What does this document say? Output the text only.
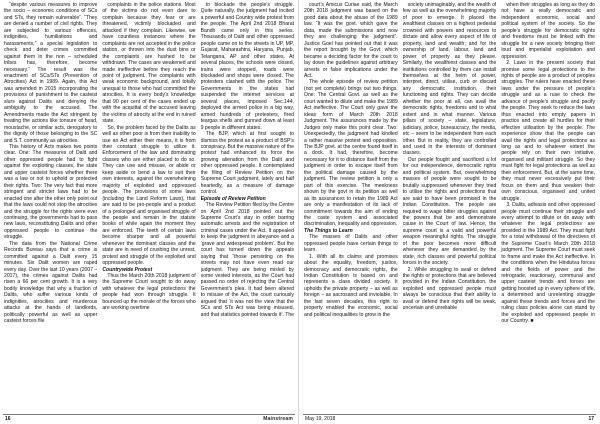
“despite various measures to improve the socio – economic conditions of SCs and STs, they remain vulnerable”. “They are denied a number of civil rights. They are subjected to various offences, indignities, humiliations and harassments,” a special legislation to check and deter crimes committed against them in the non – scheduled tribes has, therefore, become necessary.” The result was the enactment of SCs/STs (Prevention of Atrocities) Act in 1989. Again, this Act was amended in 2015 incorporating the provisions of punishment to the casteist slurs against Dalits and denying the ambiguity to the accused. The Amendments made the Act stringent by treating the actions like tonsure of head, moustache, or similar acts, derogatory to the dignity of those belonging to the SC and S.T. community as atrocities.

This history of Acts makes two points clear. One: The measures of Dalit and other oppressed people had to fight against the exploiting classes, the state and upper casteist forces whether there was a law or not to uphold or protected their rights. Two: The very fact that more stringent and stricter laws had to be enacted one after the other only point out that the laws could not stop the atrocities and the struggle for the rights were ever continuing, the governments had to pass new laws, reconstituting Dalits and other oppressed people to continue the struggle.

The data from the National Crime Records Bureau says that a crime is committed against a Dalit every 15 minutes. Six Dalit women are raped every day. Over the last 10 years (2007 – 2017), the crimes against Dalits had risen a 66 per cent growth. It is a very bodily knowledge that why a fraction of Dalits, who suffer various kinds of indignities, atrocities and murderous attacks at the hands of landlords, politically powerful as well as upper casteist forces file

complaints in the police stations. Most of the victims do not even dare to complain because they fear or are threatened, victimly blockaded and attacked if they complain. Likewise, we have countless instances where the complaints are not accepted in the police station, or thrown into the dust bins or the complaints are hushed to be withdrawn. The cases are weakened and made ineffective before they reach the point of judgment. The complaints with weak economic background, and totally unequal to those who had committed the atrocities. It is every body’s knowledge that 90 per cent of the cases ended up with the acquittal of the accused leaving the victims of atrocity at the end in ruined state.

So, the problem faced by the Dalits as well as other poor is from their inability to use an Act either their means, it is from their constant struggle to utilize it. Enforcement of the law and dominating classes who are either placed to do so. They can use and misuse, or abide or keep aside or bend a law to suit their own interests, against the overwhelming majority of exploited and oppressed people. The provisions of some laws (including the Land Reform Laws), that are said to be pro-people and a product of a prolonged and organised struggle of the people and remain in the statute books of while again the moment they are enforced. The teeth of certain laws become sharper and all powerful whenever the dominant classes and the state are in need of crushing the unrest, protest and struggle of the exploited and oppressed people.

Countrywide Protest

Thus the March 20th 2018 judgment of the Supreme Court sought to do away with whatever the legal protections the people had won through struggle. It bounced up the morale of the forces who are working overtime

to blockade the people’s struggle. Quite naturally, the judgment had incited a powerful and Country wide protest from the people. The April 2nd 2018 Bharat Bandh came only in this series. Thousands of Dalit and other oppressed people came on to the streets in UP, MP, Gujarat, Maharashtra, Haryana, Punjab, Telangana, AP and other states. At several places, the schools were closed, trains were stopped, roads were blockaded and shops were closed. The protesters clashed with the police. The Governments in the states had suspended the internet services at several places, imposed Sec.144, deployed the armed police in a big way, armed hundreds of protesters, fired teargas shells and gunned down at least 9 people in different states.

The BJP, which at first sought to dismiss the protest as a product of BSP’s conspiracy. But the massive nature of the protest had enhanced its force the growing alienation from the Dalit and other oppressed people. It contemplated the filing of Review Petition on the Supreme Court judgment, lately and half heartedly, as a measure of damage control.

Episode of Review Petition

The Review Petition filed by the Centre on April 2nd 2018 pointed out the Supreme Court’s stay in order barring automatic arrests and the registration of criminal cases under the Act. It appealed to keep the judgment in abeyance and a ‘grave and widespread problem’. But the court has turned down the appeals saying that “those persisting on the streets may not have even read our judgment. They are being misled by some vested interests, as the Court had passed no order of rejecting the Central Government’s plea. It had been altered to misuse of the Act, the court curiously argued that ‘it was not the view that the SCs and STs Act was being misused, and that statistics pointed towards it’. The

16	Mainstream

court’s Amicus Curiae said, the March 20th 2018 judgment was based on the good data about the abuse of the 1989 law. “It was the govt. which gave the data, made the submissions and now they are challenging the judgment”. Justice Goel has pointed out that it was the report brought by the Govt. which became a deciding factor for the court to lay down the guidelines against arbitrary arrests or false implications under the Act.

The whole episode of review petition (not yet complete) brings out two things. One: The Central Govt. as well as the court wanted to dilute and make the 1989 Act ineffective. The Court only gave the ideas form of March 20th 2018 Judgment. The assurances made by the Judges only make this point clear. Two: Unexpectedly, the judgment had kindled a rather massive protest and opposition. The BJP govt. at the centre found itself in a dock. It had, therefore, become necessary for it to distance itself from the judgment in order to escape itself from the political damage caused by the judgment. The review petition is only a part of this exercise. The meekness shown by the govt in its petition as well as its assurances to retain the 1989 Act are only a manifestation of its lack of commitment towards the aim of ending the caste system and associated discrimination, inequality and oppression.

The Things to Learn

The masses of Dalits and other oppressed people have certain things to learn.

1. With all its claims and promises about the equality, freedom, justice, democracy and democratic rights, the Indian Constitution is based on and represents a class divided society. It upholds the private property – as well as foreign – as sacrosanct and inviolable. In the last seven decades, this right to property enabled the economic, social and political inequalities to grow in the

society unimaginably, and the wealth of few as well as the overwhelming majority of poor to emerge. It placed the wealthiest classes on a highest pedestal crowned with powers and resources to dictate and allow every aspect of life of property, land and wealth; and for the ownership of land, labour, land and power of property as they please. Similarly, the wealthiest classes and the institutions controlled by them can install themselves at the helm of power, interpret, direct, utilise, curb or discard any democratic institution, their functioning and rights. They can decide whether the poor at all, can avail the democratic rights, freedoms and to what extent and in what manner. Various pillars of society – state, legislature, judiciary, police, bureaucracy, the media, etc – seem to be independent from each other. But in reality, they are controlled and used in the interests of dominant classes.

Our people fought and sacrificed a lot for our independence, democratic rights and political system. But, overwhelming masses of people were sought to be brutally suppressed whenever they tried to utilise the rights and protections that are said to have been promised in the Indian Constitution. The people are required to wage bitter struggles against the powers that be and demonstrate cause in the Court of law. Hence, the supreme court is a valid and powerful weapon meaningful rights. The struggle of the poor becomes more difficult whenever they are demanded by the state, rich classes and powerful political forces in the society.

2. While struggling to avail or defend the rights or protections that are believed provided in the Indian Constitution, the exploited and oppressed people must always be conscious that their ability to avail or defend their rights will be weak, uncertain and unreliable

when their struggles as long as they do not have a really democratic and independent economic, social and political system of the society. So the people’s struggle for democratic rights and freedoms must be linked with the struggle for a new society bringing their loud and imperialist exploitation and oppression.

2. Laws in the present society that promise some legal protections to the rights of people are a product of peoples struggles. The rulers have enacted these laws under the pressure of people’s struggle and as a ruse to check the advance of people’s struggle and pacify the people. They seek to reduce the laws thus enacted into empty papers in practice and create all hurdles for their effective utilisation by the people. The experience show that the people can avail the rights and legal protections as long as and to whatever extent the people rely on their own initiative, organised and militant struggle. So they must fight for legal protections as well as their enforcement. But, at the same time, they must never excessively put their focus on them and thus weaken their own conscious, organised and united struggle.

3. Dalits, adivasis and other oppressed people must continue their struggle and every attempt to dilute or do away with whatever the legal protections are provided in the 1989 Act. They must fight for a total withdrawal of the directives of the Supreme Court’s March 20th 2018 judgment. The Supreme Court must seek to frame and make the Act ineffective. In the conditions when the Hindutva forces and the fields of power and the retrograde, reactionary, communal and upper casteist trends and forces are getting boosted up in every sphere of life, a determined and unrelenting struggle against these trends and forces and the ruling class policies alone can stand by the exploited and oppressed people in our Country. ■

May 19, 2018	17
